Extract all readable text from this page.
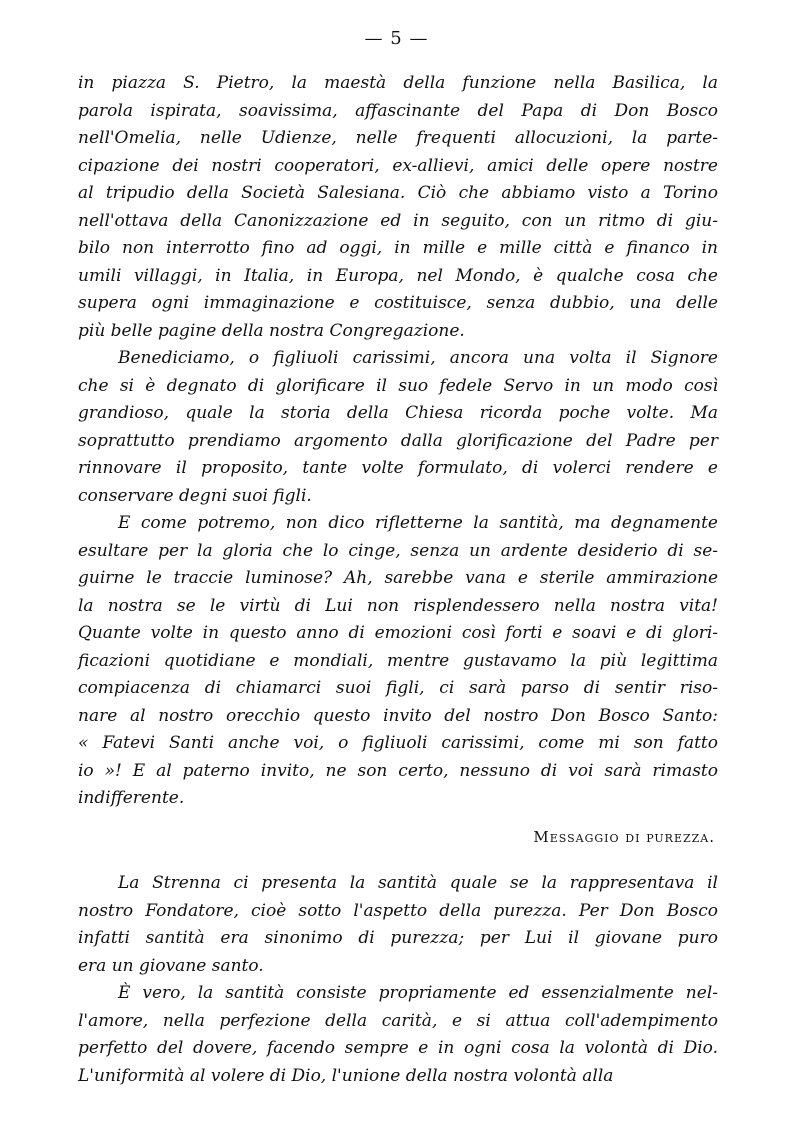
— 5 —
in piazza S. Pietro, la maestà della funzione nella Basilica, la
parola ispirata, soavissima, affascinante del Papa di Don Bosco
nell'Omelia, nelle Udienze, nelle frequenti allocuzioni, la parte-
cipazione dei nostri cooperatori, ex-allievi, amici delle opere nostre
al tripudio della Società Salesiana. Ciò che abbiamo visto a Torino
nell'ottava della Canonizzazione ed in seguito, con un ritmo di giu-
bilo non interrotto fino ad oggi, in mille e mille città e financo in
umili villaggi, in Italia, in Europa, nel Mondo, è qualche cosa che
supera ogni immaginazione e costituisce, senza dubbio, una delle
più belle pagine della nostra Congregazione.
Benediciamo, o figliuoli carissimi, ancora una volta il Signore
che si è degnato di glorificare il suo fedele Servo in un modo così
grandioso, quale la storia della Chiesa ricorda poche volte. Ma
soprattutto prendiamo argomento dalla glorificazione del Padre per
rinnovare il proposito, tante volte formulato, di volerci rendere e
conservare degni suoi figli.
E come potremo, non dico rifletterne la santità, ma degnamente
esultare per la gloria che lo cinge, senza un ardente desiderio di se-
guirne le traccie luminose? Ah, sarebbe vana e sterile ammirazione
la nostra se le virtù di Lui non risplendessero nella nostra vita!
Quante volte in questo anno di emozioni così forti e soavi e di glori-
ficazioni quotidiane e mondiali, mentre gustavamo la più legittima
compiacenza di chiamarci suoi figli, ci sarà parso di sentir riso-
nare al nostro orecchio questo invito del nostro Don Bosco Santo:
« Fatevi Santi anche voi, o figliuoli carissimi, come mi son fatto
io »! E al paterno invito, ne son certo, nessuno di voi sarà rimasto
indifferente.
Messaggio di purezza.
La Strenna ci presenta la santità quale se la rappresentava il
nostro Fondatore, cioè sotto l'aspetto della purezza. Per Don Bosco
infatti santità era sinonimo di purezza; per Lui il giovane puro
era un giovane santo.
È vero, la santità consiste propriamente ed essenzialmente nel-
l'amore, nella perfezione della carità, e si attua coll'adempimento
perfetto del dovere, facendo sempre e in ogni cosa la volontà di Dio.
L'uniformità al volere di Dio, l'unione della nostra volontà alla
